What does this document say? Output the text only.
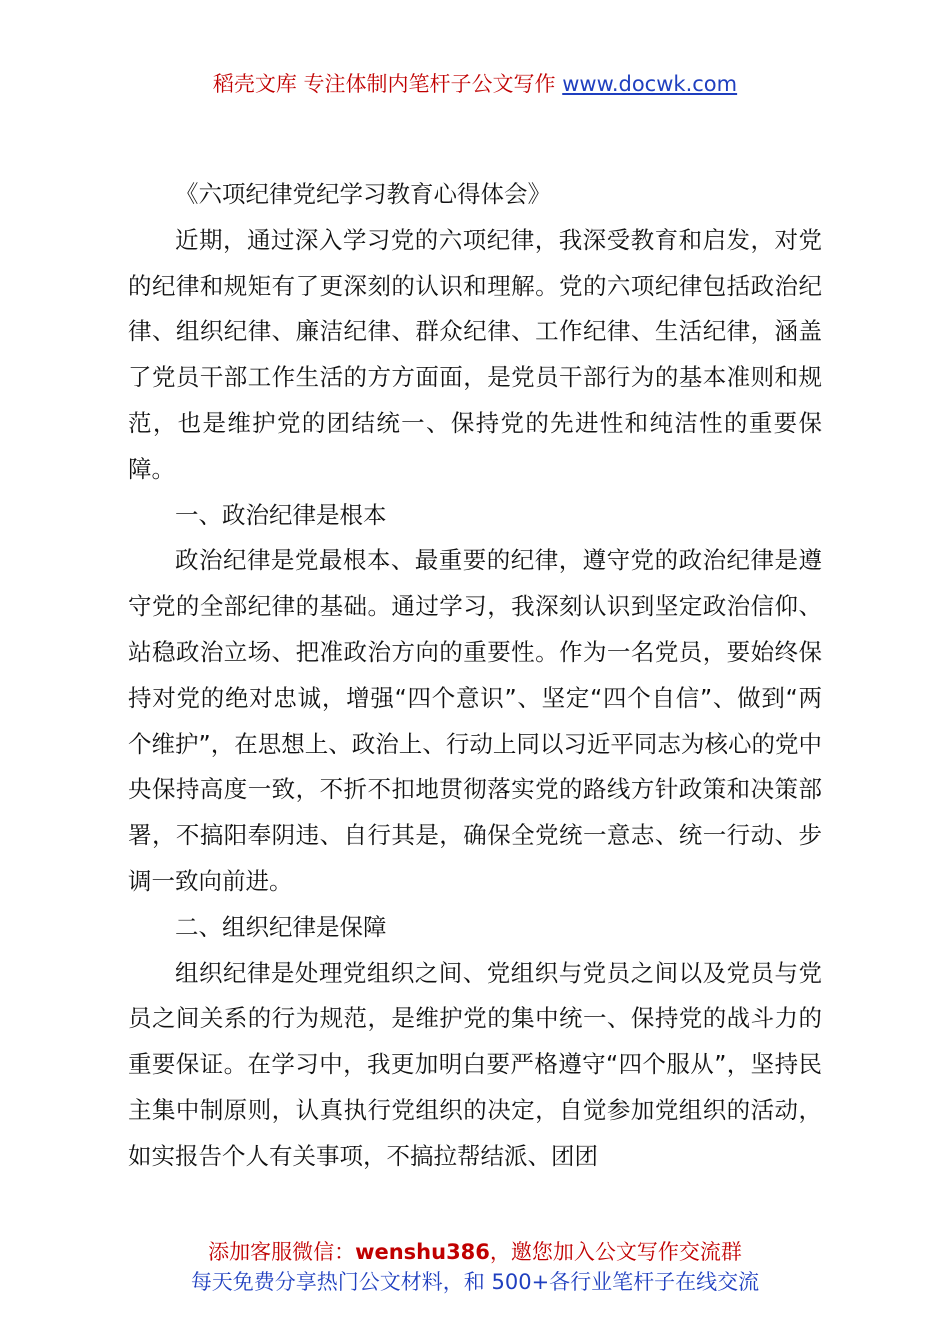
稻壳文库 专注体制内笔杆子公文写作 www.docwk.com

《六项纪律党纪学习教育心得体会》

近期，通过深入学习党的六项纪律，我深受教育和启发，对党的纪律和规矩有了更深刻的认识和理解。党的六项纪律包括政治纪律、组织纪律、廉洁纪律、群众纪律、工作纪律、生活纪律，涵盖了党员干部工作生活的方方面面，是党员干部行为的基本准则和规范，也是维护党的团结统一、保持党的先进性和纯洁性的重要保障。

一、政治纪律是根本

政治纪律是党最根本、最重要的纪律，遵守党的政治纪律是遵守党的全部纪律的基础。通过学习，我深刻认识到坚定政治信仰、站稳政治立场、把准政治方向的重要性。作为一名党员，要始终保持对党的绝对忠诚，增强“四个意识”、坚定“四个自信”、做到“两个维护”，在思想上、政治上、行动上同以习近平同志为核心的党中央保持高度一致，不折不扣地贯彻落实党的路线方针政策和决策部署，不搞阳奉阴违、自行其是，确保全党统一意志、统一行动、步调一致向前进。

二、组织纪律是保障

组织纪律是处理党组织之间、党组织与党员之间以及党员与党员之间关系的行为规范，是维护党的集中统一、保持党的战斗力的重要保证。在学习中，我更加明白要严格遵守“四个服从”，坚持民主集中制原则，认真执行党组织的决定，自觉参加党组织的活动，如实报告个人有关事项，不搞拉帮结派、团团

添加客服微信：wenshu386，邀您加入公文写作交流群
每天免费分享热门公文材料，和 500+各行业笔杆子在线交流
